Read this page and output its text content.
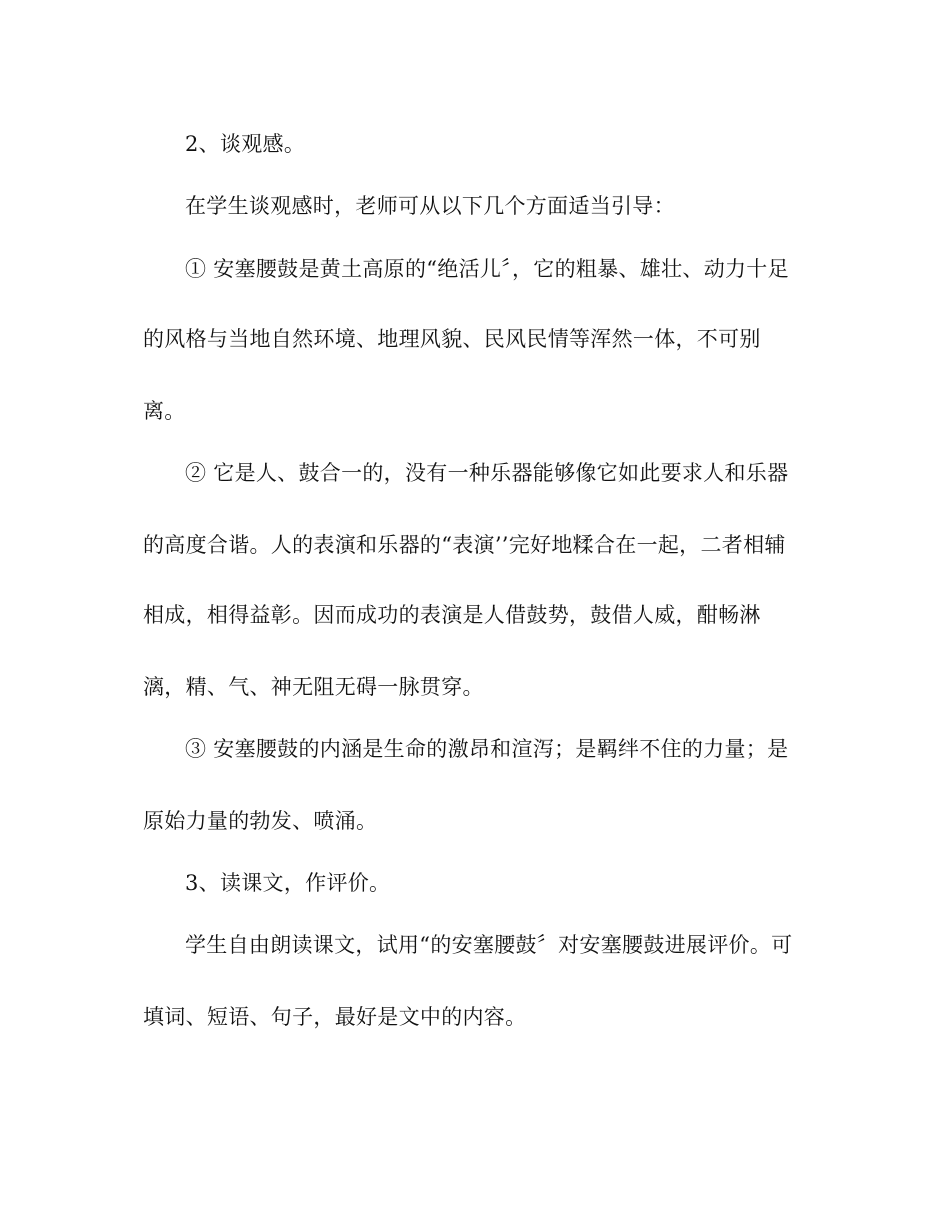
2、谈观感。
在学生谈观感时，老师可从以下几个方面适当引导：
① 安塞腰鼓是黄土高原的“绝活儿〞，它的粗暴、雄壮、动力十足
的风格与当地自然环境、地理风貌、民风民情等浑然一体，不可别
离。
② 它是人、鼓合一的，没有一种乐器能够像它如此要求人和乐器
的高度合谐。人的表演和乐器的“表演’’完好地糅合在一起，二者相辅
相成，相得益彰。因而成功的表演是人借鼓势，鼓借人威，酣畅淋
漓，精、气、神无阻无碍一脉贯穿。
③ 安塞腰鼓的内涵是生命的激昂和渲泻；是羁绊不住的力量；是
原始力量的勃发、喷涌。
3、读课文，作评价。
学生自由朗读课文，试用“的安塞腰鼓〞对安塞腰鼓进展评价。可
填词、短语、句子，最好是文中的内容。
